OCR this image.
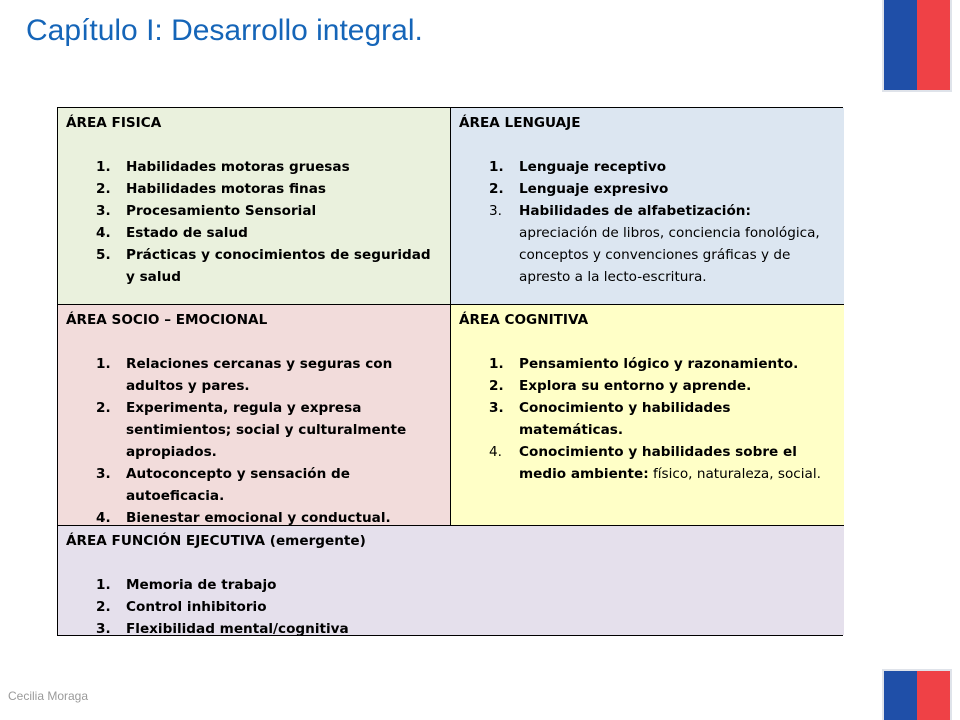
Capítulo I: Desarrollo integral.
ÁREA FISICA
1.	Habilidades motoras gruesas
2.	Habilidades motoras finas
3.	Procesamiento Sensorial
4.	Estado de salud
5.	Prácticas y conocimientos de seguridad y salud
ÁREA LENGUAJE
1.	Lenguaje receptivo
2.	Lenguaje expresivo
3.	Habilidades de alfabetización:
apreciación de libros, conciencia fonológica, conceptos y convenciones gráficas y de apresto a la lecto-escritura.
ÁREA SOCIO – EMOCIONAL
1.	Relaciones cercanas y seguras con adultos y pares.
2.	Experimenta, regula y expresa sentimientos; social y culturalmente apropiados.
3.	Autoconcepto y sensación de autoeficacia.
4.	Bienestar emocional y conductual.
ÁREA COGNITIVA
1.	Pensamiento lógico y razonamiento.
2.	Explora su entorno y aprende.
3.	Conocimiento y habilidades matemáticas.
4.	Conocimiento y habilidades sobre el medio ambiente: físico, naturaleza, social.
ÁREA FUNCIÓN EJECUTIVA (emergente)
1.	Memoria de trabajo
2.	Control inhibitorio
3.	Flexibilidad mental/cognitiva
Cecilia Moraga
